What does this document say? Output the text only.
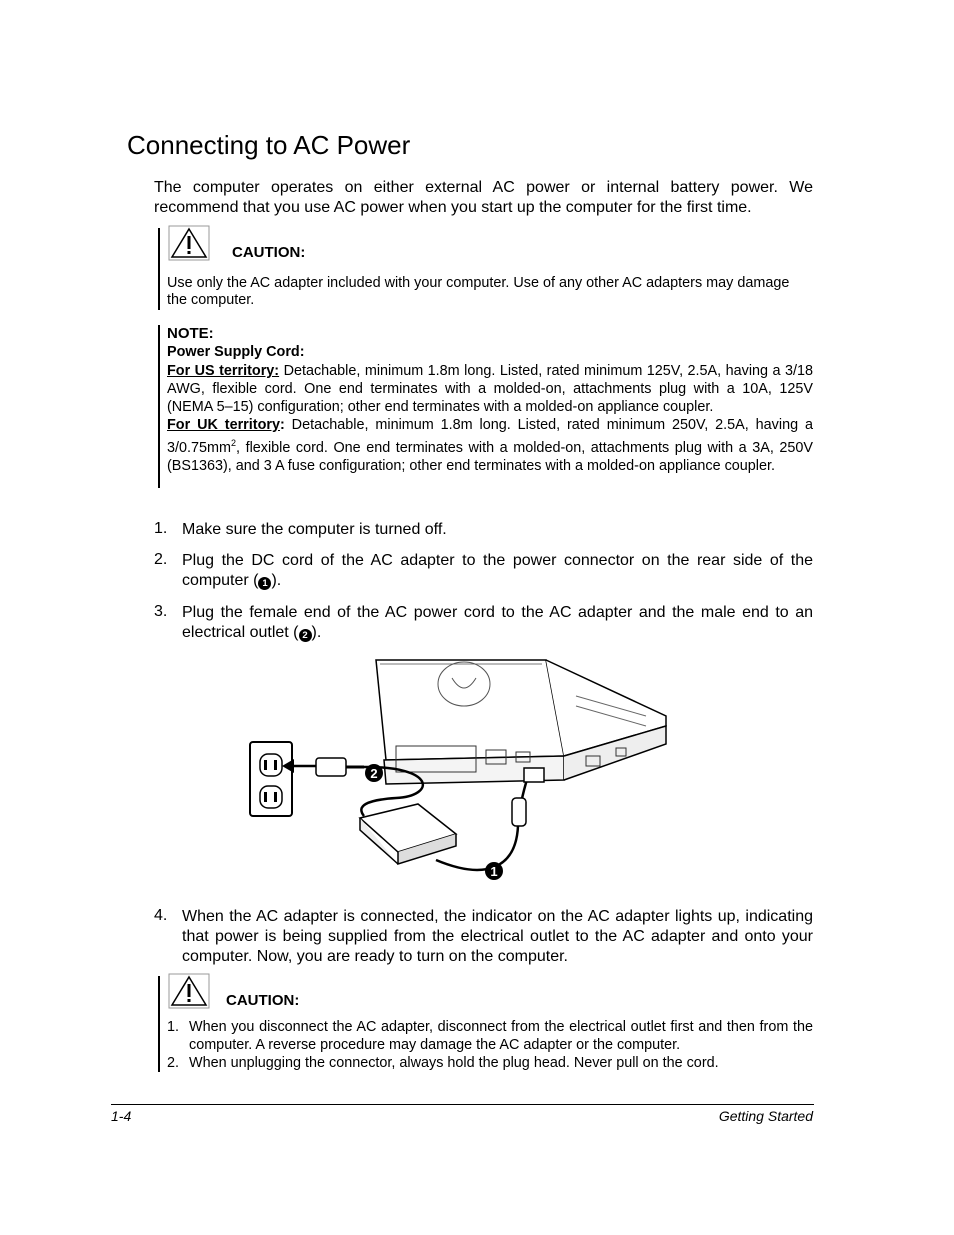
Connecting to AC Power
The computer operates on either external AC power or internal battery power. We recommend that you use AC power when you start up the computer for the first time.
CAUTION:
Use only the AC adapter included with your computer. Use of any other AC adapters may damage the computer.
NOTE:
Power Supply Cord:
For US territory: Detachable, minimum 1.8m long. Listed, rated minimum 125V, 2.5A, having a 3/18 AWG, flexible cord. One end terminates with a molded-on, attachments plug with a 10A, 125V (NEMA 5–15) configuration; other end terminates with a molded-on appliance coupler.
For UK territory: Detachable, minimum 1.8m long. Listed, rated minimum 250V, 2.5A, having a $3/0.75mm^2$, flexible cord. One end terminates with a molded-on, attachments plug with a 3A, 250V (BS1363), and 3 A fuse configuration; other end terminates with a molded-on appliance coupler.
1. Make sure the computer is turned off.
2. Plug the DC cord of the AC adapter to the power connector on the rear side of the computer ( 1 ).
3. Plug the female end of the AC power cord to the AC adapter and the male end to an electrical outlet ( 2 ).
2
1
4. When the AC adapter is connected, the indicator on the AC adapter lights up, indicating that power is being supplied from the electrical outlet to the AC adapter and onto your computer. Now, you are ready to turn on the computer.
CAUTION:
1. When you disconnect the AC adapter, disconnect from the electrical outlet first and then from the computer. A reverse procedure may damage the AC adapter or the computer.
2. When unplugging the connector, always hold the plug head. Never pull on the cord.
1-4	Getting Started
